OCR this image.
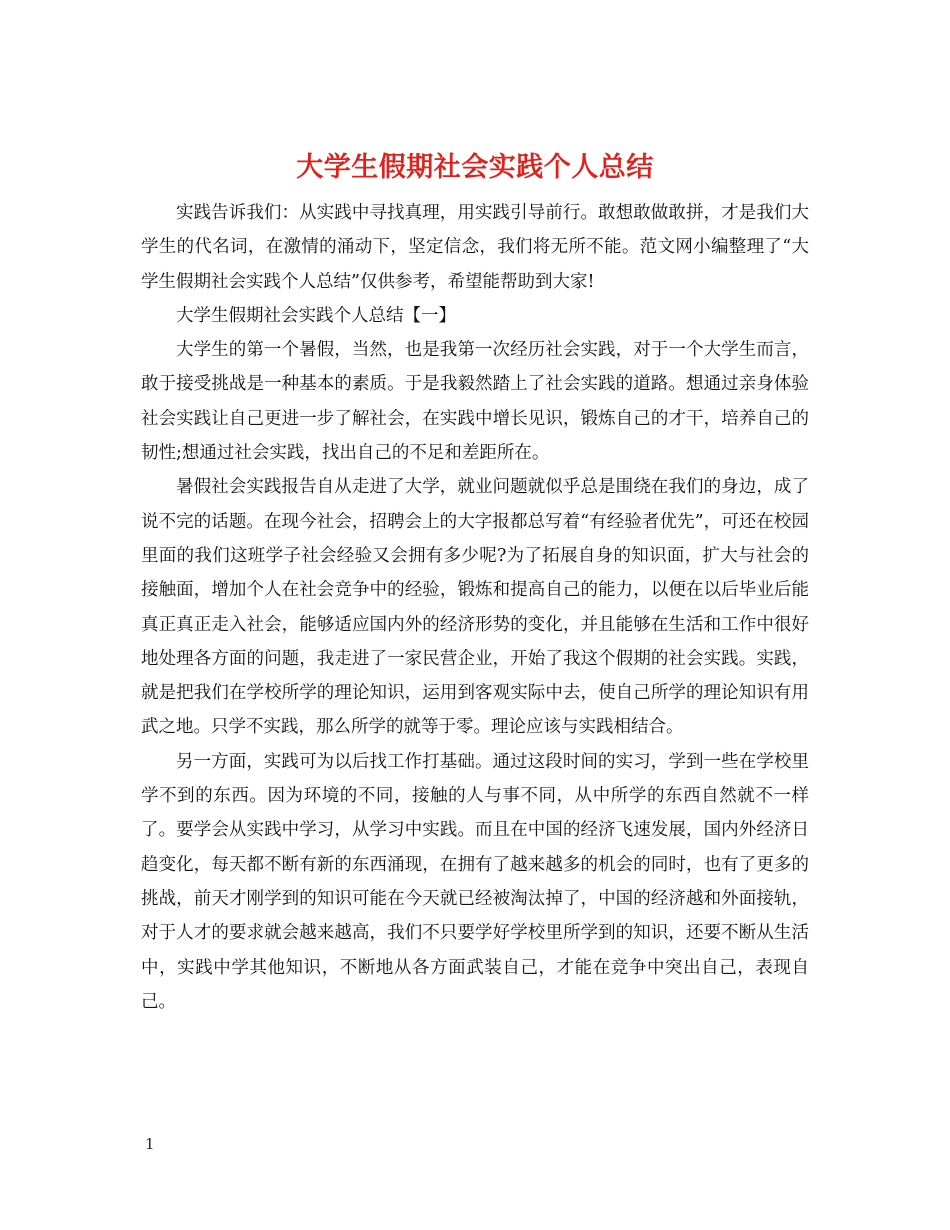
大学生假期社会实践个人总结

实践告诉我们：从实践中寻找真理，用实践引导前行。敢想敢做敢拼，才是我们大学生的代名词，在激情的涌动下，坚定信念，我们将无所不能。范文网小编整理了“大学生假期社会实践个人总结”仅供参考，希望能帮助到大家!

大学生假期社会实践个人总结【一】

大学生的第一个暑假，当然，也是我第一次经历社会实践，对于一个大学生而言，敢于接受挑战是一种基本的素质。于是我毅然踏上了社会实践的道路。想通过亲身体验社会实践让自己更进一步了解社会，在实践中增长见识，锻炼自己的才干，培养自己的韧性;想通过社会实践，找出自己的不足和差距所在。

暑假社会实践报告自从走进了大学，就业问题就似乎总是围绕在我们的身边，成了说不完的话题。在现今社会，招聘会上的大字报都总写着“有经验者优先”，可还在校园里面的我们这班学子社会经验又会拥有多少呢?为了拓展自身的知识面，扩大与社会的接触面，增加个人在社会竞争中的经验，锻炼和提高自己的能力，以便在以后毕业后能真正真正走入社会，能够适应国内外的经济形势的变化，并且能够在生活和工作中很好地处理各方面的问题，我走进了一家民营企业，开始了我这个假期的社会实践。实践，就是把我们在学校所学的理论知识，运用到客观实际中去，使自己所学的理论知识有用武之地。只学不实践，那么所学的就等于零。理论应该与实践相结合。

另一方面，实践可为以后找工作打基础。通过这段时间的实习，学到一些在学校里学不到的东西。因为环境的不同，接触的人与事不同，从中所学的东西自然就不一样了。要学会从实践中学习，从学习中实践。而且在中国的经济飞速发展，国内外经济日趋变化，每天都不断有新的东西涌现，在拥有了越来越多的机会的同时，也有了更多的挑战，前天才刚学到的知识可能在今天就已经被淘汰掉了，中国的经济越和外面接轨，对于人才的要求就会越来越高，我们不只要学好学校里所学到的知识，还要不断从生活中，实践中学其他知识，不断地从各方面武装自己，才能在竞争中突出自己，表现自己。

1
